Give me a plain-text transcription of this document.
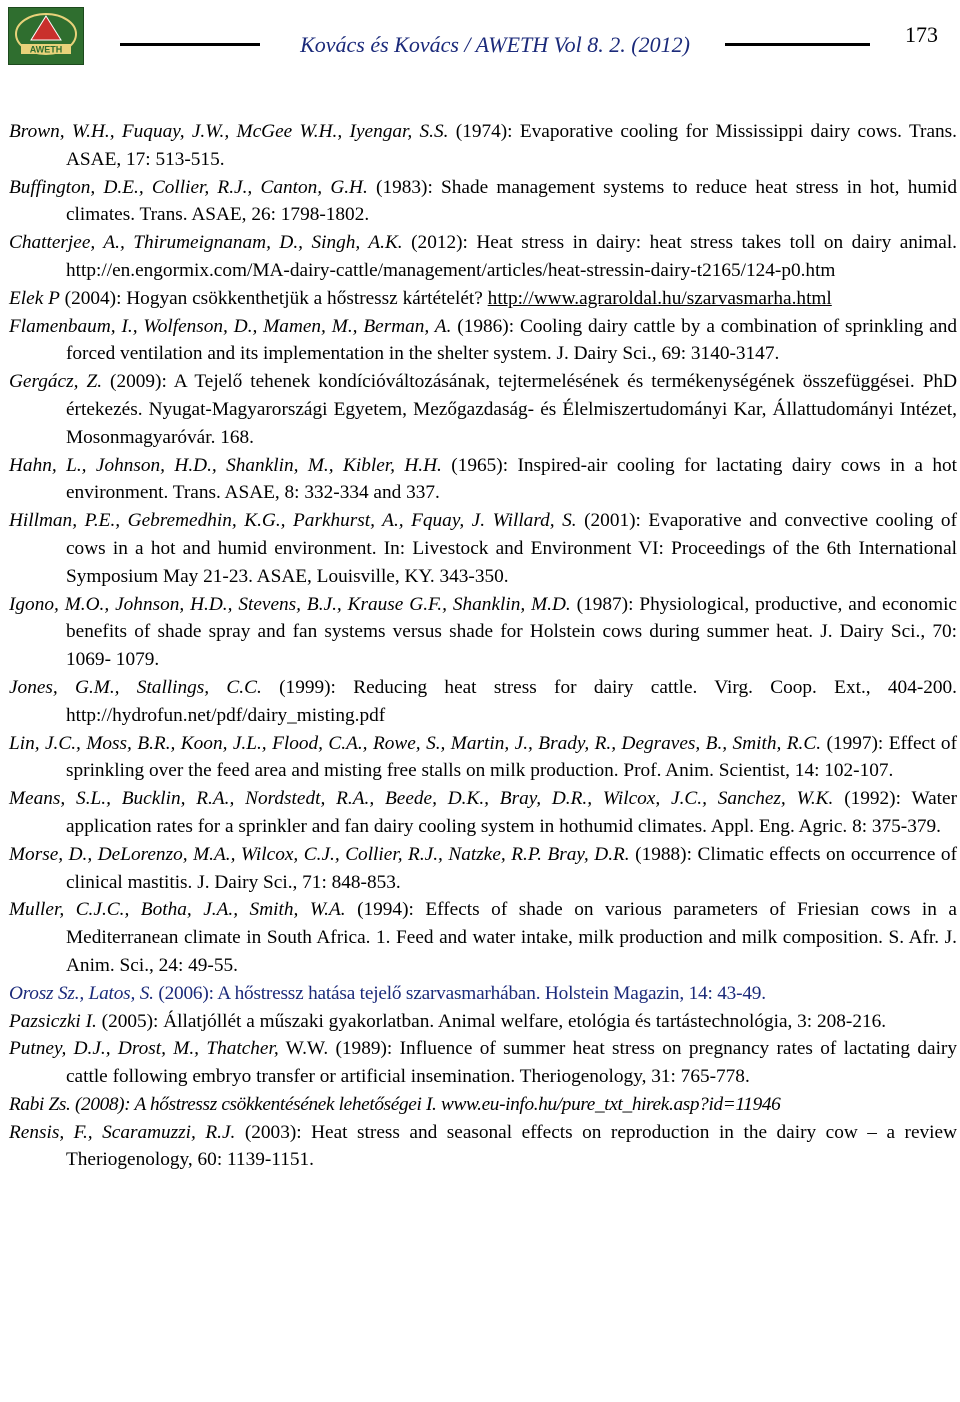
AWETH	Kovács és Kovács / AWETH Vol 8. 2. (2012)	173
Brown, W.H., Fuquay, J.W., McGee W.H., Iyengar, S.S. (1974): Evaporative cooling for Mississippi dairy cows. Trans. ASAE, 17: 513-515.
Buffington, D.E., Collier, R.J., Canton, G.H. (1983): Shade management systems to reduce heat stress in hot, humid climates. Trans. ASAE, 26: 1798-1802.
Chatterjee, A., Thirumeignanam, D., Singh, A.K. (2012): Heat stress in dairy: heat stress takes toll on dairy animal. http://en.engormix.com/MA-dairy-cattle/management/articles/heat-stressin-dairy-t2165/124-p0.htm
Elek P (2004): Hogyan csökkenthetjük a hőstressz kártételét? http://www.agraroldal.hu/szarvasmarha.html
Flamenbaum, I., Wolfenson, D., Mamen, M., Berman, A. (1986): Cooling dairy cattle by a combination of sprinkling and forced ventilation and its implementation in the shelter system. J. Dairy Sci., 69: 3140-3147.
Gergácz, Z. (2009): A Tejelő tehenek kondícióváltozásának, tejtermelésének és termékenységének összefüggései. PhD értekezés. Nyugat-Magyarországi Egyetem, Mezőgazdaság- és Élelmiszertudományi Kar, Állattudományi Intézet, Mosonmagyaróvár. 168.
Hahn, L., Johnson, H.D., Shanklin, M., Kibler, H.H. (1965): Inspired-air cooling for lactating dairy cows in a hot environment. Trans. ASAE, 8: 332-334 and 337.
Hillman, P.E., Gebremedhin, K.G., Parkhurst, A., Fquay, J. Willard, S. (2001): Evaporative and convective cooling of cows in a hot and humid environment. In: Livestock and Environment VI: Proceedings of the 6th International Symposium May 21-23. ASAE, Louisville, KY. 343-350.
Igono, M.O., Johnson, H.D., Stevens, B.J., Krause G.F., Shanklin, M.D. (1987): Physiological, productive, and economic benefits of shade spray and fan systems versus shade for Holstein cows during summer heat. J. Dairy Sci., 70: 1069- 1079.
Jones, G.M., Stallings, C.C. (1999): Reducing heat stress for dairy cattle. Virg. Coop. Ext., 404-200. http://hydrofun.net/pdf/dairy_misting.pdf
Lin, J.C., Moss, B.R., Koon, J.L., Flood, C.A., Rowe, S., Martin, J., Brady, R., Degraves, B., Smith, R.C. (1997): Effect of sprinkling over the feed area and misting free stalls on milk production. Prof. Anim. Scientist, 14: 102-107.
Means, S.L., Bucklin, R.A., Nordstedt, R.A., Beede, D.K., Bray, D.R., Wilcox, J.C., Sanchez, W.K. (1992): Water application rates for a sprinkler and fan dairy cooling system in hothumid climates. Appl. Eng. Agric. 8: 375-379.
Morse, D., DeLorenzo, M.A., Wilcox, C.J., Collier, R.J., Natzke, R.P. Bray, D.R. (1988): Climatic effects on occurrence of clinical mastitis. J. Dairy Sci., 71: 848-853.
Muller, C.J.C., Botha, J.A., Smith, W.A. (1994): Effects of shade on various parameters of Friesian cows in a Mediterranean climate in South Africa. 1. Feed and water intake, milk production and milk composition. S. Afr. J. Anim. Sci., 24: 49-55.
Orosz Sz., Latos, S. (2006): A hőstressz hatása tejelő szarvasmarhában. Holstein Magazin, 14: 43-49.
Pazsiczki I. (2005): Állatjóllét a műszaki gyakorlatban. Animal welfare, etológia és tartástechnológia, 3: 208-216.
Putney, D.J., Drost, M., Thatcher, W.W. (1989): Influence of summer heat stress on pregnancy rates of lactating dairy cattle following embryo transfer or artificial insemination. Theriogenology, 31: 765-778.
Rabi Zs. (2008): A hőstressz csökkentésének lehetőségei I. www.eu-info.hu/pure_txt_hirek.asp?id=11946
Rensis, F., Scaramuzzi, R.J. (2003): Heat stress and seasonal effects on reproduction in the dairy cow – a review Theriogenology, 60: 1139-1151.
